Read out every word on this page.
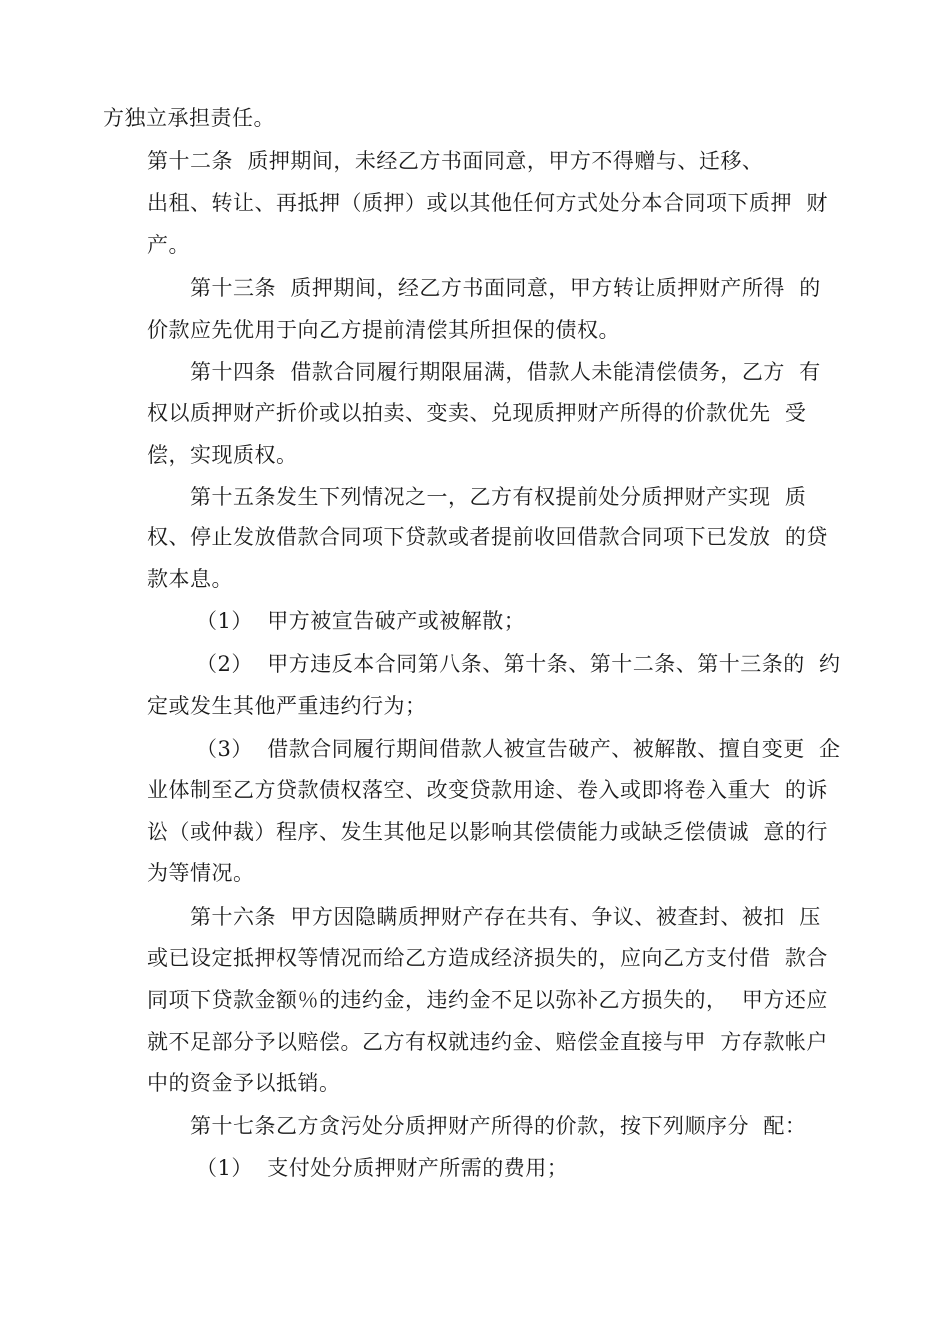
方独立承担责任。
第十二条  质押期间，未经乙方书面同意，甲方不得赠与、迁移、
出租、转让、再抵押（质押）或以其他任何方式处分本合同项下质押  财
产。
第十三条  质押期间，经乙方书面同意，甲方转让质押财产所得  的
价款应先优用于向乙方提前清偿其所担保的债权。
第十四条  借款合同履行期限届满，借款人未能清偿债务，乙方  有
权以质押财产折价或以拍卖、变卖、兑现质押财产所得的价款优先  受
偿，实现质权。
第十五条发生下列情况之一，乙方有权提前处分质押财产实现  质
权、停止发放借款合同项下贷款或者提前收回借款合同项下已发放  的贷
款本息。
（1）  甲方被宣告破产或被解散；
（2）  甲方违反本合同第八条、第十条、第十二条、第十三条的  约
定或发生其他严重违约行为；
（3）  借款合同履行期间借款人被宣告破产、被解散、擅自变更  企
业体制至乙方贷款债权落空、改变贷款用途、卷入或即将卷入重大  的诉
讼（或仲裁）程序、发生其他足以影响其偿债能力或缺乏偿债诚  意的行
为等情况。
第十六条  甲方因隐瞒质押财产存在共有、争议、被查封、被扣  压
或已设定抵押权等情况而给乙方造成经济损失的，应向乙方支付借  款合
同项下贷款金额％的违约金，违约金不足以弥补乙方损失的，  甲方还应
就不足部分予以赔偿。乙方有权就违约金、赔偿金直接与甲  方存款帐户
中的资金予以抵销。
第十七条乙方贪污处分质押财产所得的价款，按下列顺序分  配：
（1）  支付处分质押财产所需的费用；
